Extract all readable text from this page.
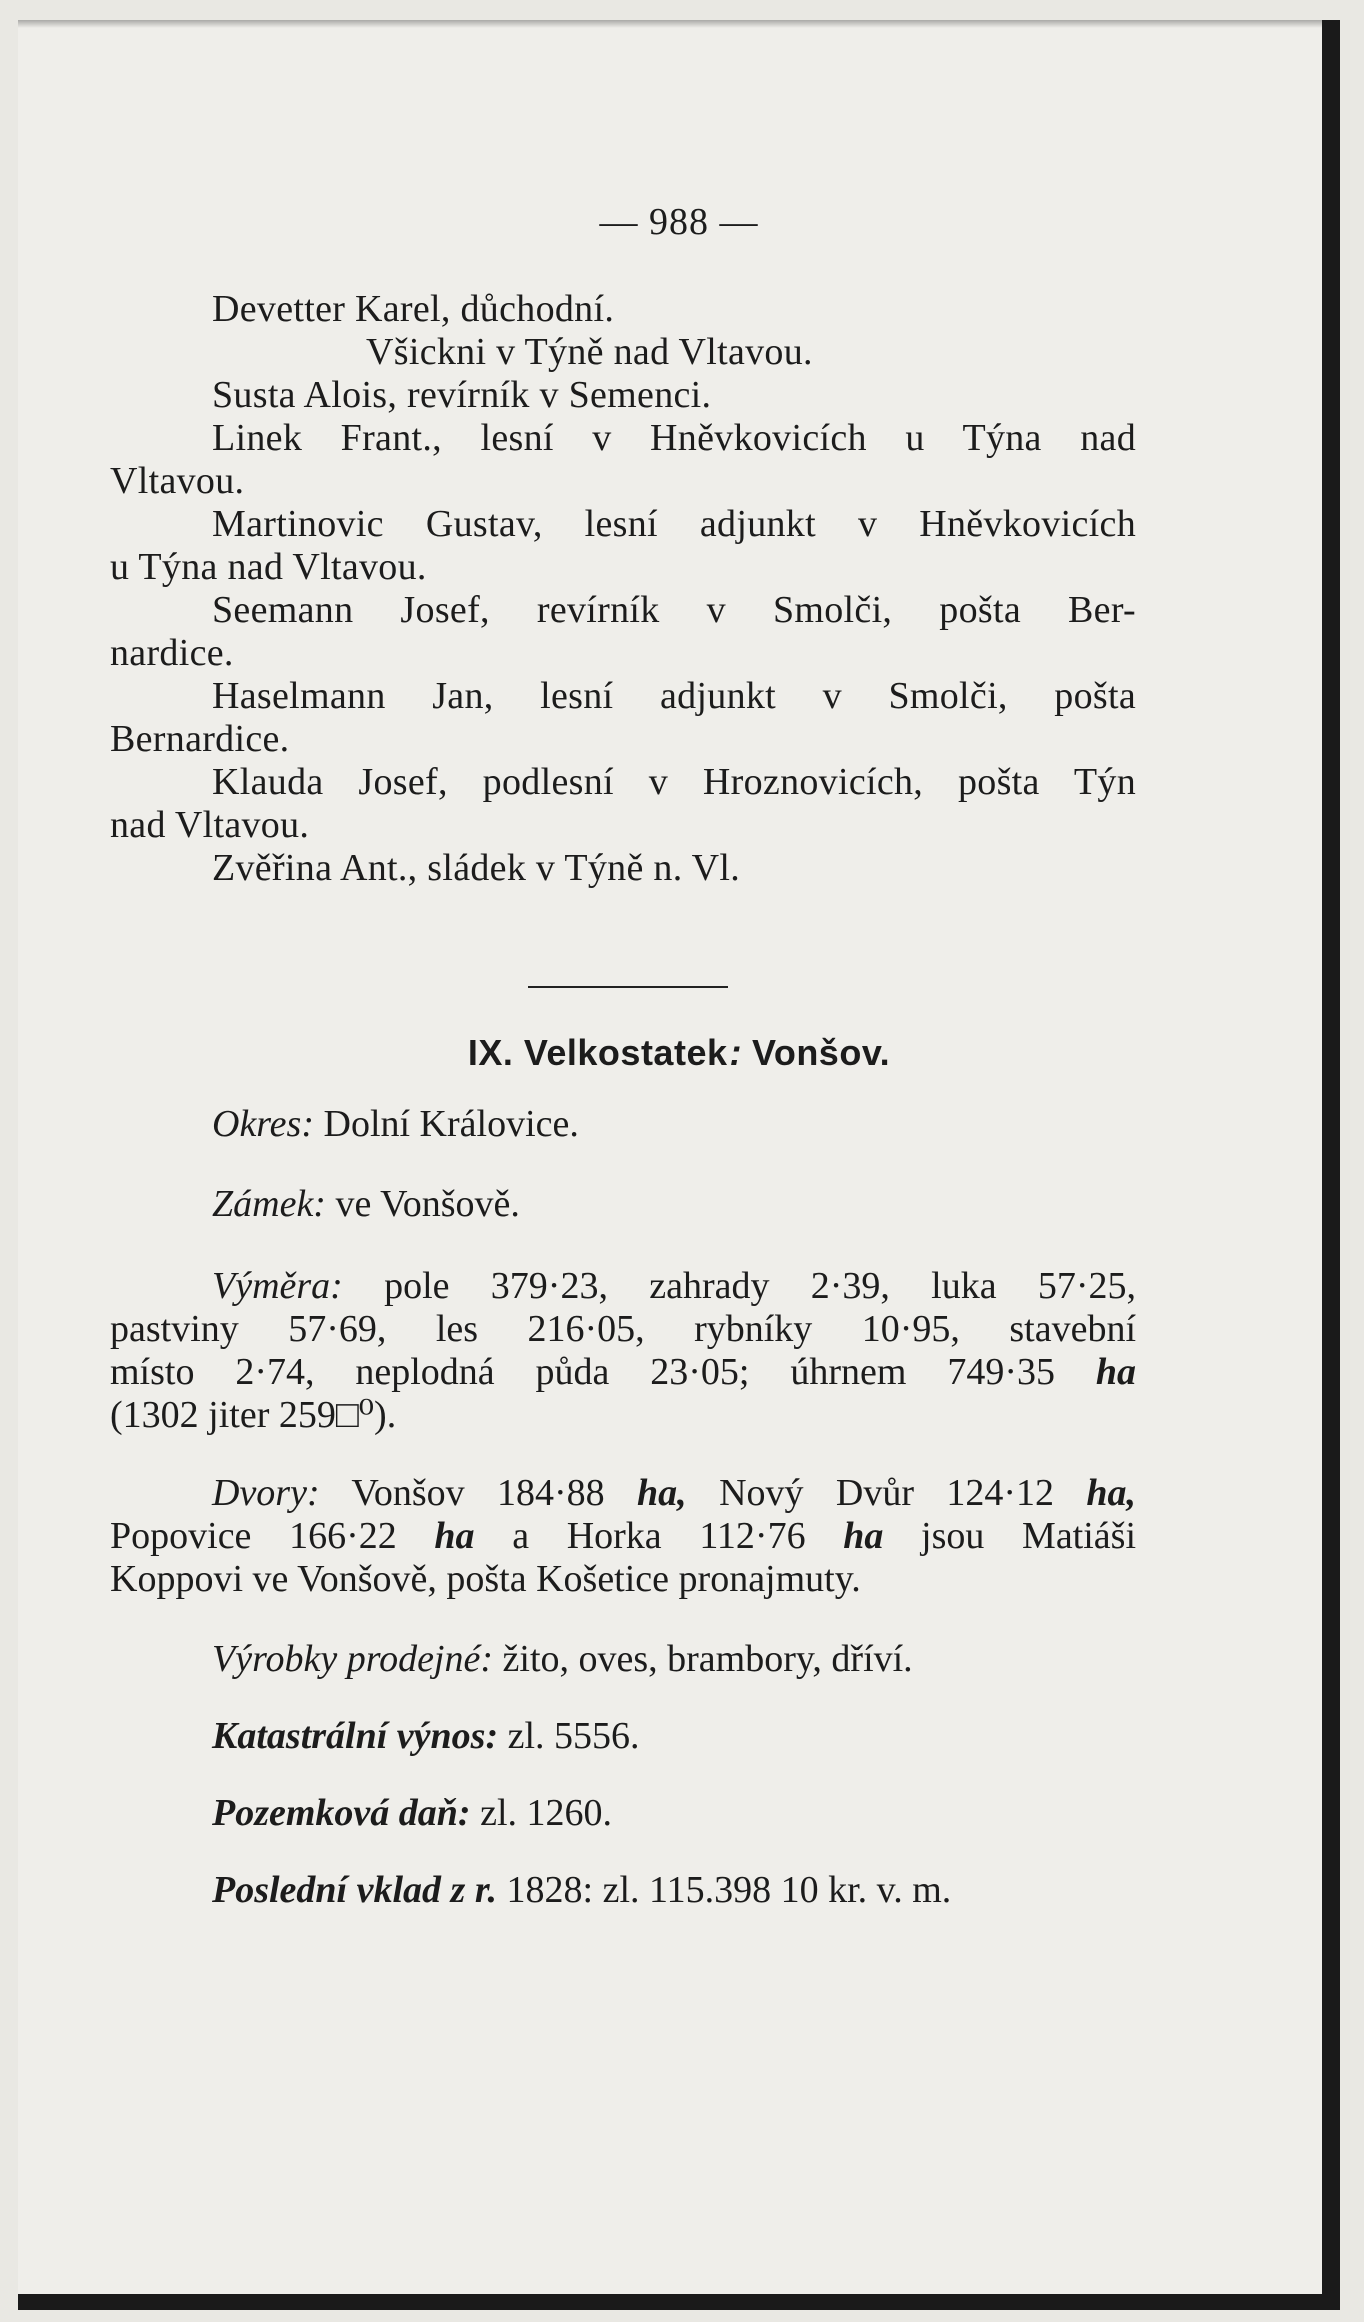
— 988 —
Devetter Karel, důchodní.
Všickni v Týně nad Vltavou.
Susta Alois, revírník v Semenci.
Linek Frant., lesní v Hněvkovicích u Týna nad
Vltavou.
Martinovic Gustav, lesní adjunkt v Hněvkovicích
u Týna nad Vltavou.
Seemann Josef, revírník v Smolči, pošta Ber-
nardice.
Haselmann Jan, lesní adjunkt v Smolči, pošta
Bernardice.
Klauda Josef, podlesní v Hroznovicích, pošta Týn
nad Vltavou.
Zvěřina Ant., sládek v Týně n. Vl.
IX. Velkostatek: Vonšov.
Okres: Dolní Královice.
Zámek: ve Vonšově.
Výměra: pole 379·23, zahrady 2·39, luka 57·25,
pastviny 57·69, les 216·05, rybníky 10·95, stavební
místo 2·74, neplodná půda 23·05; úhrnem 749·35 ha
(1302 jiter 259□⁰).
Dvory: Vonšov 184·88 ha, Nový Dvůr 124·12 ha,
Popovice 166·22 ha a Horka 112·76 ha jsou Matiáši
Koppovi ve Vonšově, pošta Košetice pronajmuty.
Výrobky prodejné: žito, oves, brambory, dříví.
Katastrální výnos: zl. 5556.
Pozemková daň: zl. 1260.
Poslední vklad z r. 1828: zl. 115.398 10 kr. v. m.
